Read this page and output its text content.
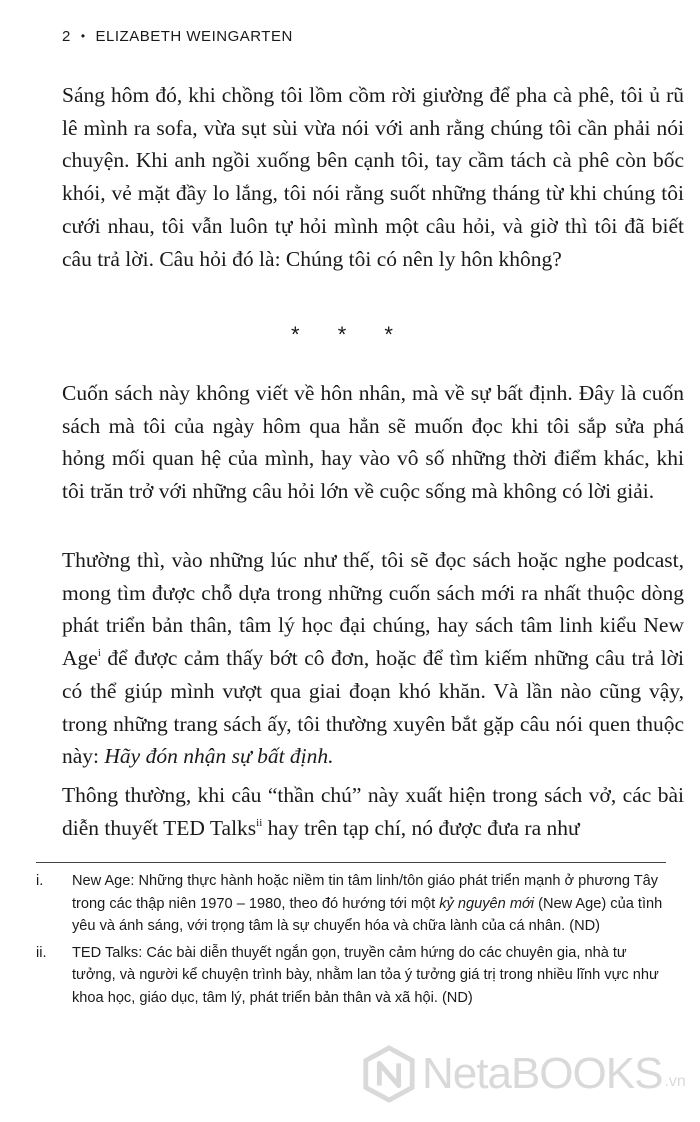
2 • ELIZABETH WEINGARTEN

Sáng hôm đó, khi chồng tôi lồm cồm rời giường để pha cà phê, tôi ủ rũ lê mình ra sofa, vừa sụt sùi vừa nói với anh rằng chúng tôi cần phải nói chuyện. Khi anh ngồi xuống bên cạnh tôi, tay cầm tách cà phê còn bốc khói, vẻ mặt đầy lo lắng, tôi nói rằng suốt những tháng từ khi chúng tôi cưới nhau, tôi vẫn luôn tự hỏi mình một câu hỏi, và giờ thì tôi đã biết câu trả lời. Câu hỏi đó là: Chúng tôi có nên ly hôn không?

* * *

Cuốn sách này không viết về hôn nhân, mà về sự bất định. Đây là cuốn sách mà tôi của ngày hôm qua hẳn sẽ muốn đọc khi tôi sắp sửa phá hỏng mối quan hệ của mình, hay vào vô số những thời điểm khác, khi tôi trăn trở với những câu hỏi lớn về cuộc sống mà không có lời giải.

Thường thì, vào những lúc như thế, tôi sẽ đọc sách hoặc nghe podcast, mong tìm được chỗ dựa trong những cuốn sách mới ra nhất thuộc dòng phát triển bản thân, tâm lý học đại chúng, hay sách tâm linh kiểu New Age$^i$ để được cảm thấy bớt cô đơn, hoặc để tìm kiếm những câu trả lời có thể giúp mình vượt qua giai đoạn khó khăn. Và lần nào cũng vậy, trong những trang sách ấy, tôi thường xuyên bắt gặp câu nói quen thuộc này: Hãy đón nhận sự bất định.

Thông thường, khi câu “thần chú” này xuất hiện trong sách vở, các bài diễn thuyết TED Talks$^{ii}$ hay trên tạp chí, nó được đưa ra như

i.	New Age: Những thực hành hoặc niềm tin tâm linh/tôn giáo phát triển mạnh ở phương Tây trong các thập niên 1970 – 1980, theo đó hướng tới một kỷ nguyên mới (New Age) của tình yêu và ánh sáng, với trọng tâm là sự chuyển hóa và chữa lành của cá nhân. (ND)
ii.	TED Talks: Các bài diễn thuyết ngắn gọn, truyền cảm hứng do các chuyên gia, nhà tư tưởng, và người kể chuyện trình bày, nhằm lan tỏa ý tưởng giá trị trong nhiều lĩnh vực như khoa học, giáo dục, tâm lý, phát triển bản thân và xã hội. (ND)
NetaBOOKS .vn
